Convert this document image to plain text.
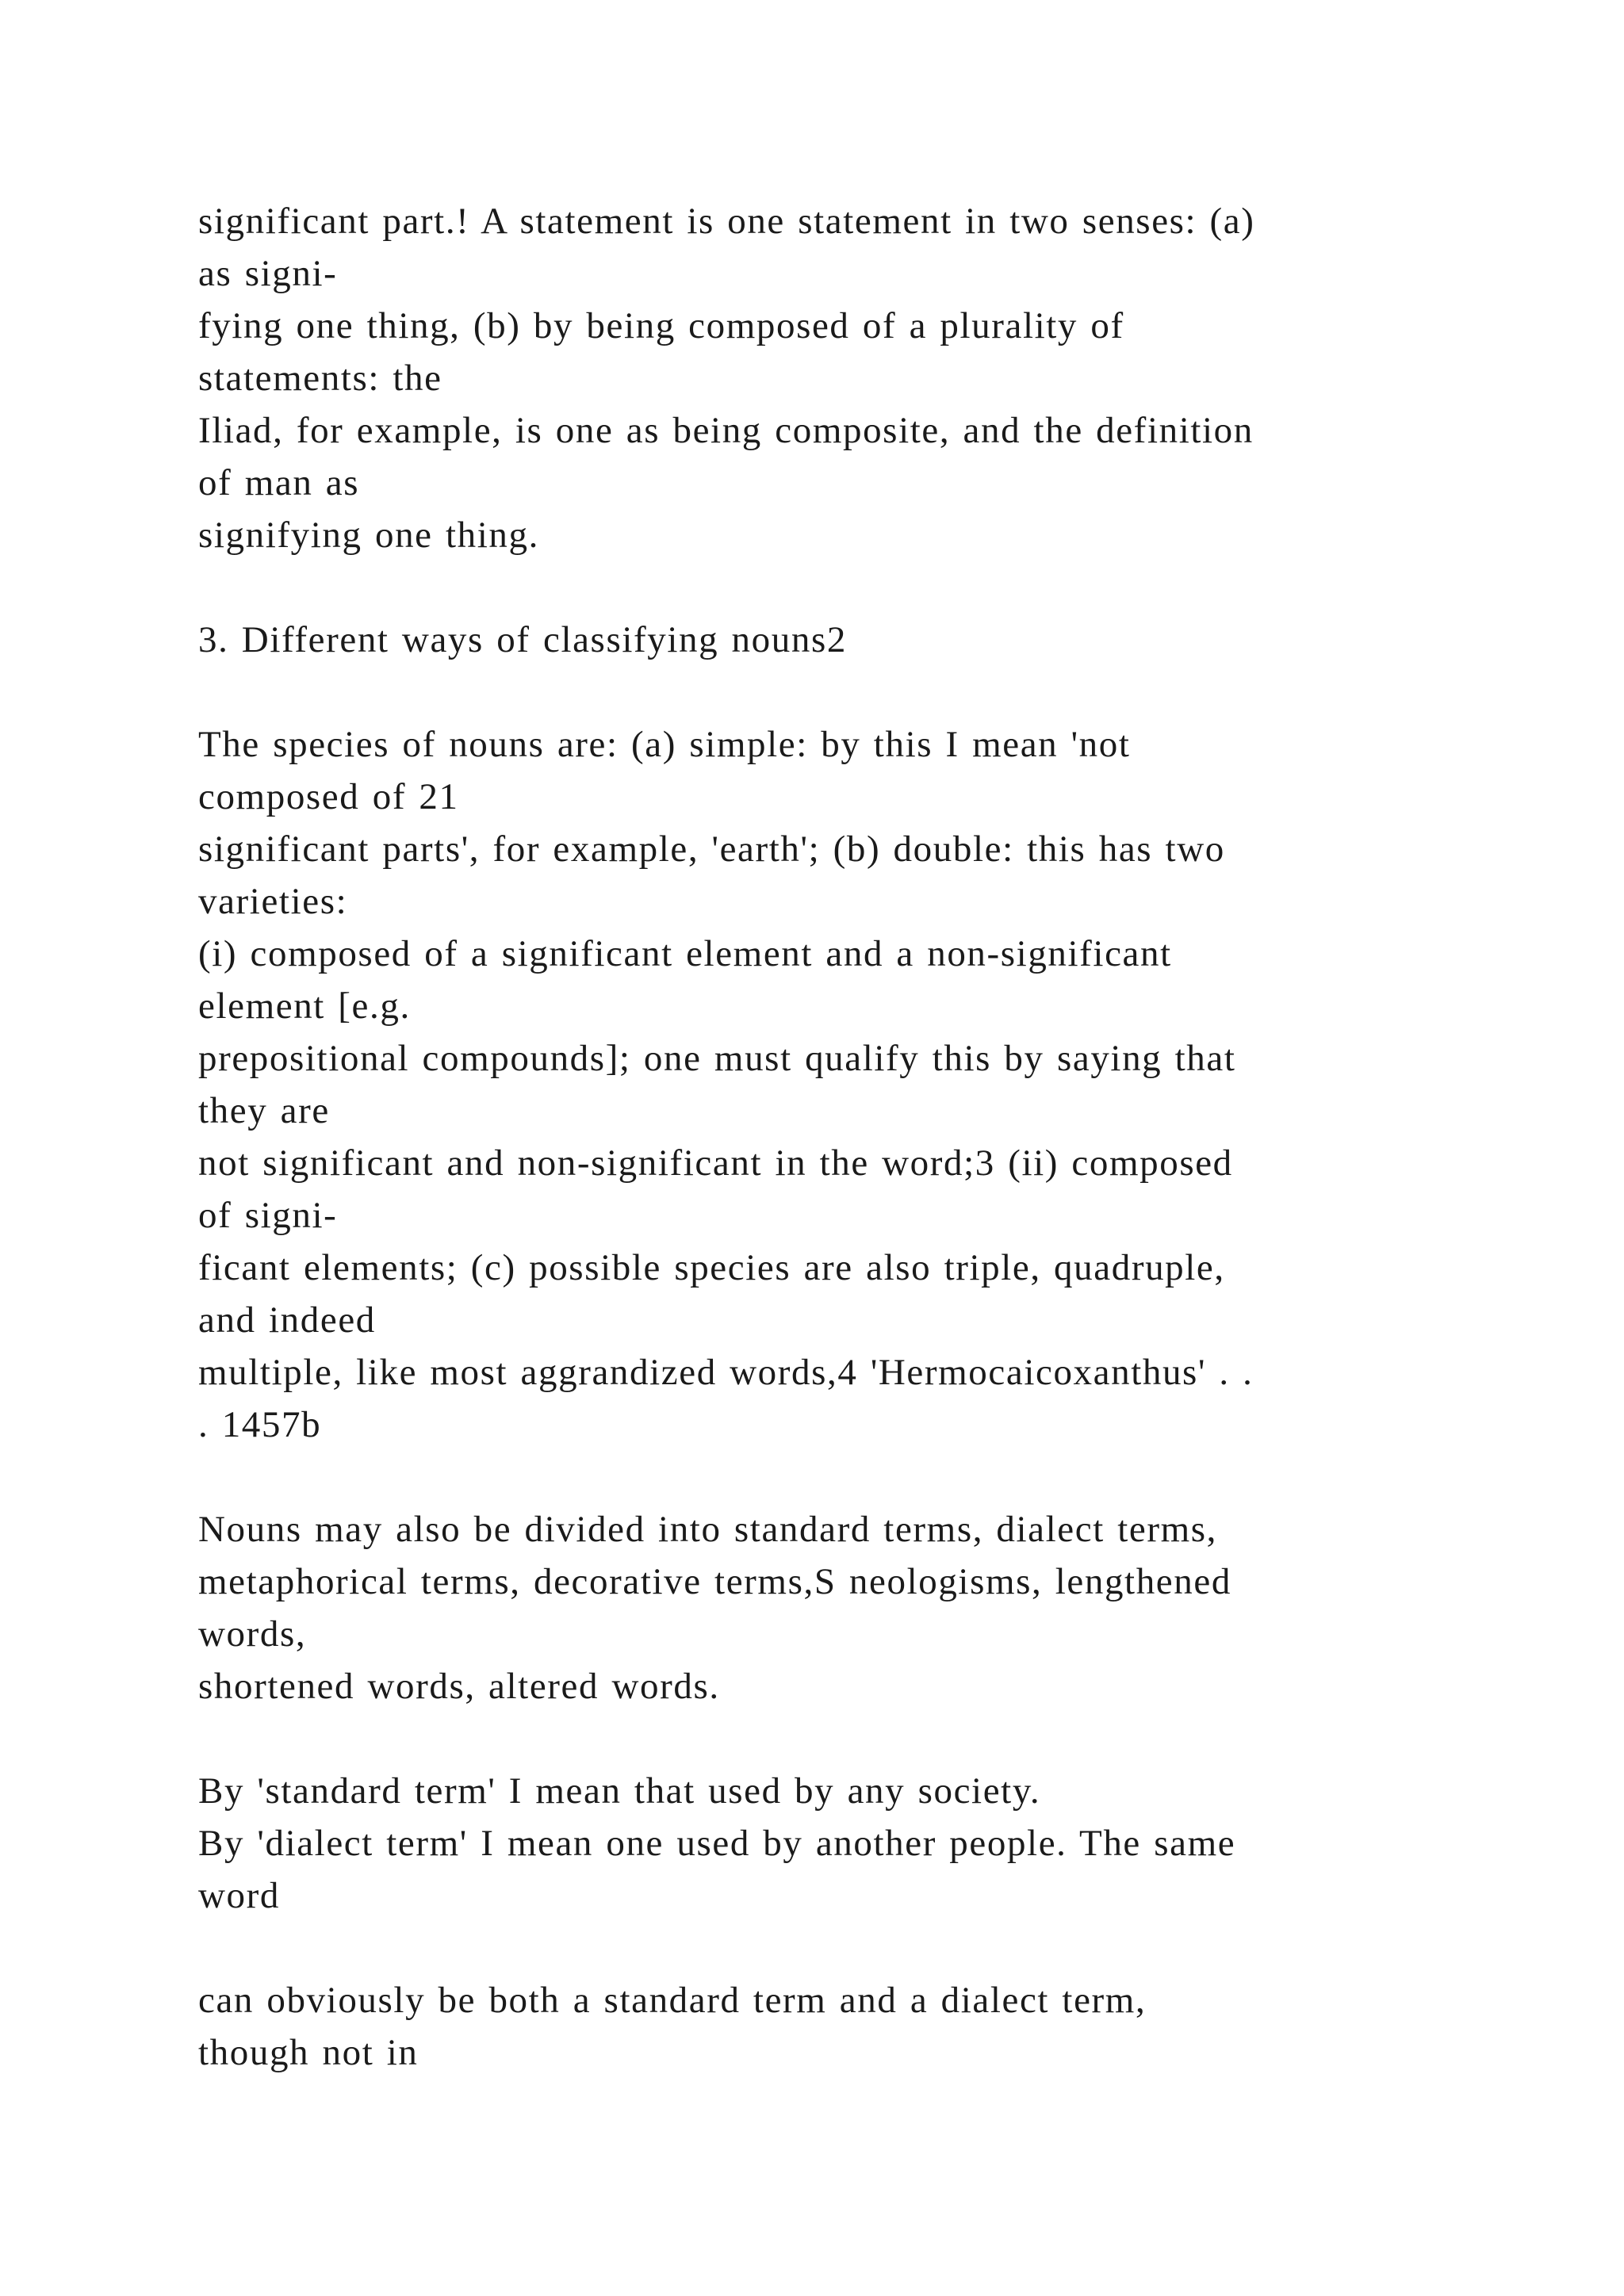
significant part.! A statement is one statement in two senses: (a)
as signi-
fying one thing, (b) by being composed of a plurality of
statements: the
Iliad, for example, is one as being composite, and the definition
of man as
signifying one thing.
3. Different ways of classifying nouns2
The species of nouns are: (a) simple: by this I mean 'not
composed of 21
significant parts', for example, 'earth'; (b) double: this has two
varieties:
(i) composed of a significant element and a non-significant
element [e.g.
prepositional compounds]; one must qualify this by saying that
they are
not significant and non-significant in the word;3 (ii) composed
of signi-
ficant elements; (c) possible species are also triple, quadruple,
and indeed
multiple, like most aggrandized words,4 'Hermocaicoxanthus' . .
. 1457b
Nouns may also be divided into standard terms, dialect terms,
metaphorical terms, decorative terms,S neologisms, lengthened
words,
shortened words, altered words.
By 'standard term' I mean that used by any society.
By 'dialect term' I mean one used by another people. The same
word
can obviously be both a standard term and a dialect term,
though not in
